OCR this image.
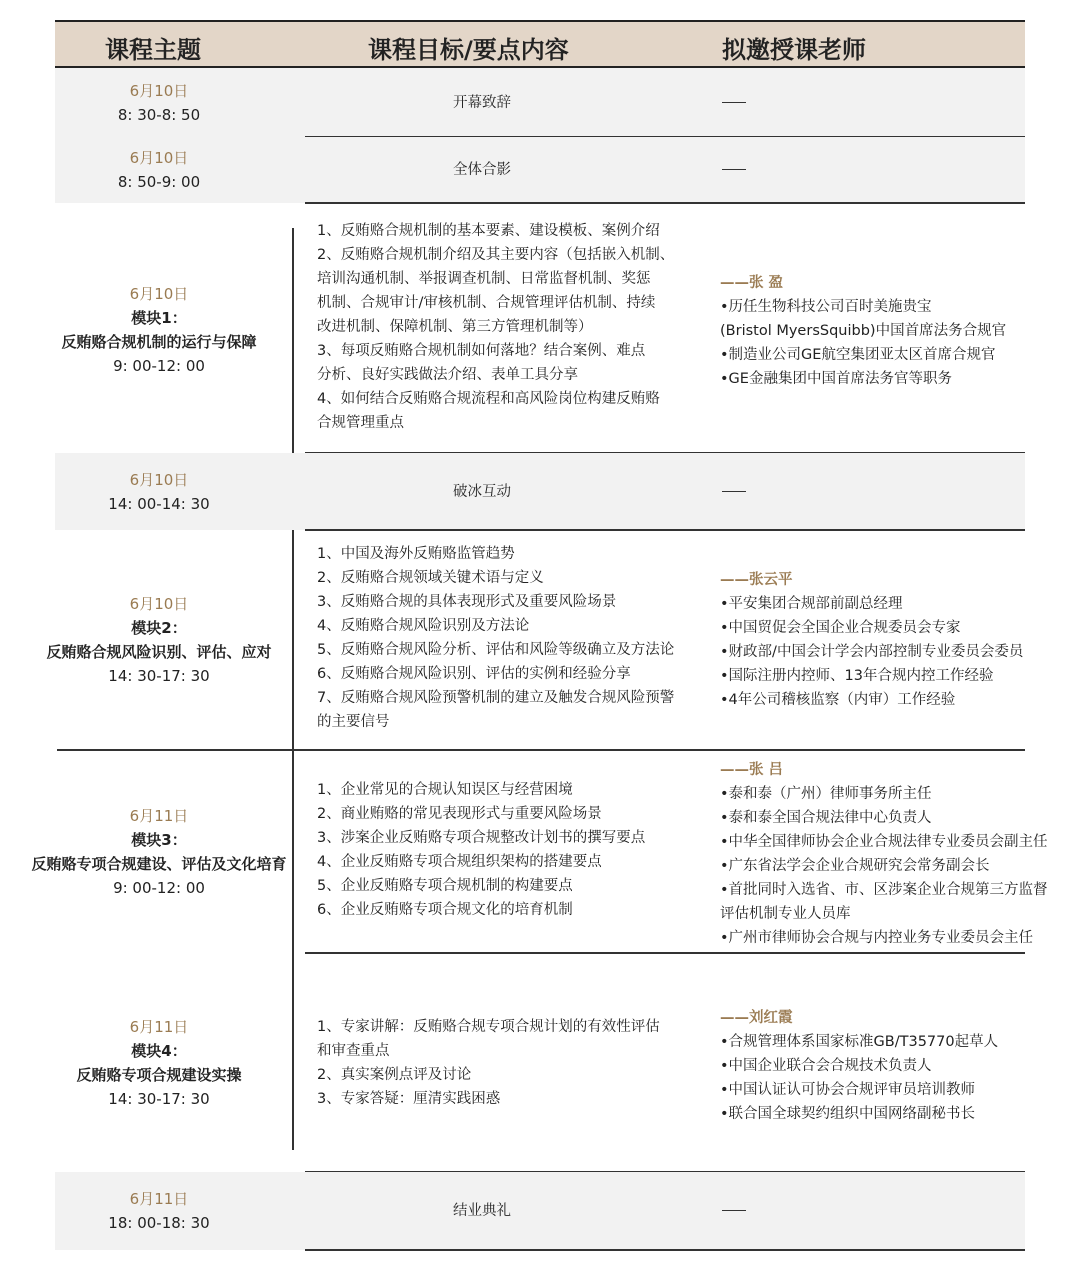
课程主题	课程目标/要点内容	拟邀授课老师
6月10日
8: 30-8: 50
开幕致辞
6月10日
8: 50-9: 00
全体合影
6月10日
模块1：
反贿赂合规机制的运行与保障
9: 00-12: 00
1、反贿赂合规机制的基本要素、建设模板、案例介绍
2、反贿赂合规机制介绍及其主要内容（包括嵌入机制、
培训沟通机制、举报调查机制、日常监督机制、奖惩
机制、合规审计/审核机制、合规管理评估机制、持续
改进机制、保障机制、第三方管理机制等）
3、每项反贿赂合规机制如何落地？结合案例、难点
分析、良好实践做法介绍、表单工具分享
4、如何结合反贿赂合规流程和高风险岗位构建反贿赂
合规管理重点
——张 盈
•历任生物科技公司百时美施贵宝
(Bristol MyersSquibb)中国首席法务合规官
•制造业公司GE航空集团亚太区首席合规官
•GE金融集团中国首席法务官等职务
6月10日
14: 00-14: 30
破冰互动
6月10日
模块2：
反贿赂合规风险识别、评估、应对
14: 30-17: 30
1、中国及海外反贿赂监管趋势
2、反贿赂合规领域关键术语与定义
3、反贿赂合规的具体表现形式及重要风险场景
4、反贿赂合规风险识别及方法论
5、反贿赂合规风险分析、评估和风险等级确立及方法论
6、反贿赂合规风险识别、评估的实例和经验分享
7、反贿赂合规风险预警机制的建立及触发合规风险预警
的主要信号
——张云平
•平安集团合规部前副总经理
•中国贸促会全国企业合规委员会专家
•财政部/中国会计学会内部控制专业委员会委员
•国际注册内控师、13年合规内控工作经验
•4年公司稽核监察（内审）工作经验
6月11日
模块3：
反贿赂专项合规建设、评估及文化培育
9: 00-12: 00
1、企业常见的合规认知误区与经营困境
2、商业贿赂的常见表现形式与重要风险场景
3、涉案企业反贿赂专项合规整改计划书的撰写要点
4、企业反贿赂专项合规组织架构的搭建要点
5、企业反贿赂专项合规机制的构建要点
6、企业反贿赂专项合规文化的培育机制
——张 吕
•泰和泰（广州）律师事务所主任
•泰和泰全国合规法律中心负责人
•中华全国律师协会企业合规法律专业委员会副主任
•广东省法学会企业合规研究会常务副会长
•首批同时入选省、市、区涉案企业合规第三方监督
评估机制专业人员库
•广州市律师协会合规与内控业务专业委员会主任
6月11日
模块4：
反贿赂专项合规建设实操
14: 30-17: 30
1、专家讲解：反贿赂合规专项合规计划的有效性评估
和审查重点
2、真实案例点评及讨论
3、专家答疑：厘清实践困惑
——刘红霞
•合规管理体系国家标准GB/T35770起草人
•中国企业联合会合规技术负责人
•中国认证认可协会合规评审员培训教师
•联合国全球契约组织中国网络副秘书长
6月11日
18: 00-18: 30
结业典礼
